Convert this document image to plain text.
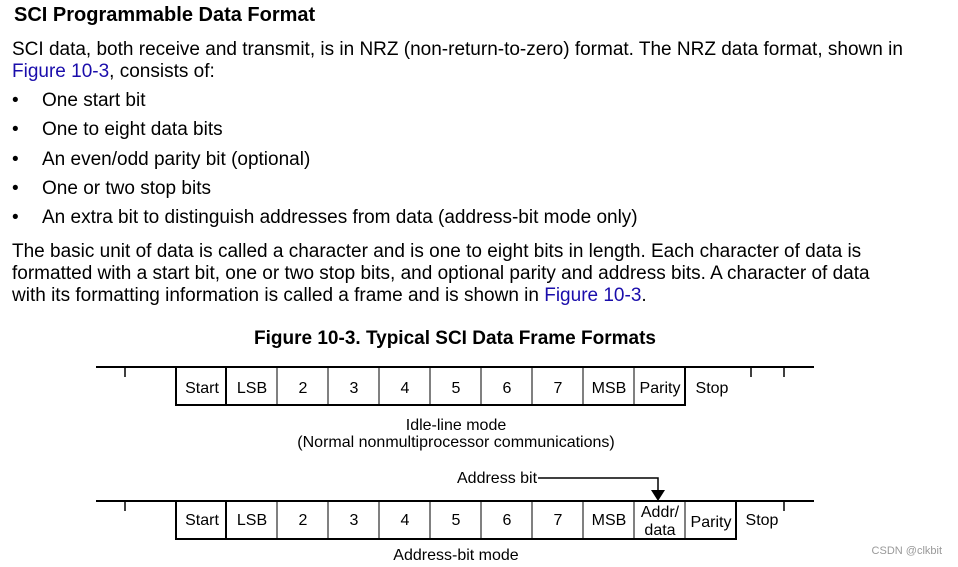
SCI Programmable Data Format
SCI data, both receive and transmit, is in NRZ (non-return-to-zero) format. The NRZ data format, shown in
Figure 10-3, consists of:
• One start bit
• One to eight data bits
• An even/odd parity bit (optional)
• One or two stop bits
• An extra bit to distinguish addresses from data (address-bit mode only)
The basic unit of data is called a character and is one to eight bits in length. Each character of data is
formatted with a start bit, one or two stop bits, and optional parity and address bits. A character of data
with its formatting information is called a frame and is shown in Figure 10-3.
Figure 10-3. Typical SCI Data Frame Formats
Start LSB 2	3	4	5	6	7 MSB Parity Stop
Idle-line mode
(Normal nonmultiprocessor communications)
Address bit
Start LSB 2	3	4	5	6	7 MSB Addr/
data Parity Stop
Address-bit mode	CSDN @clkbit
